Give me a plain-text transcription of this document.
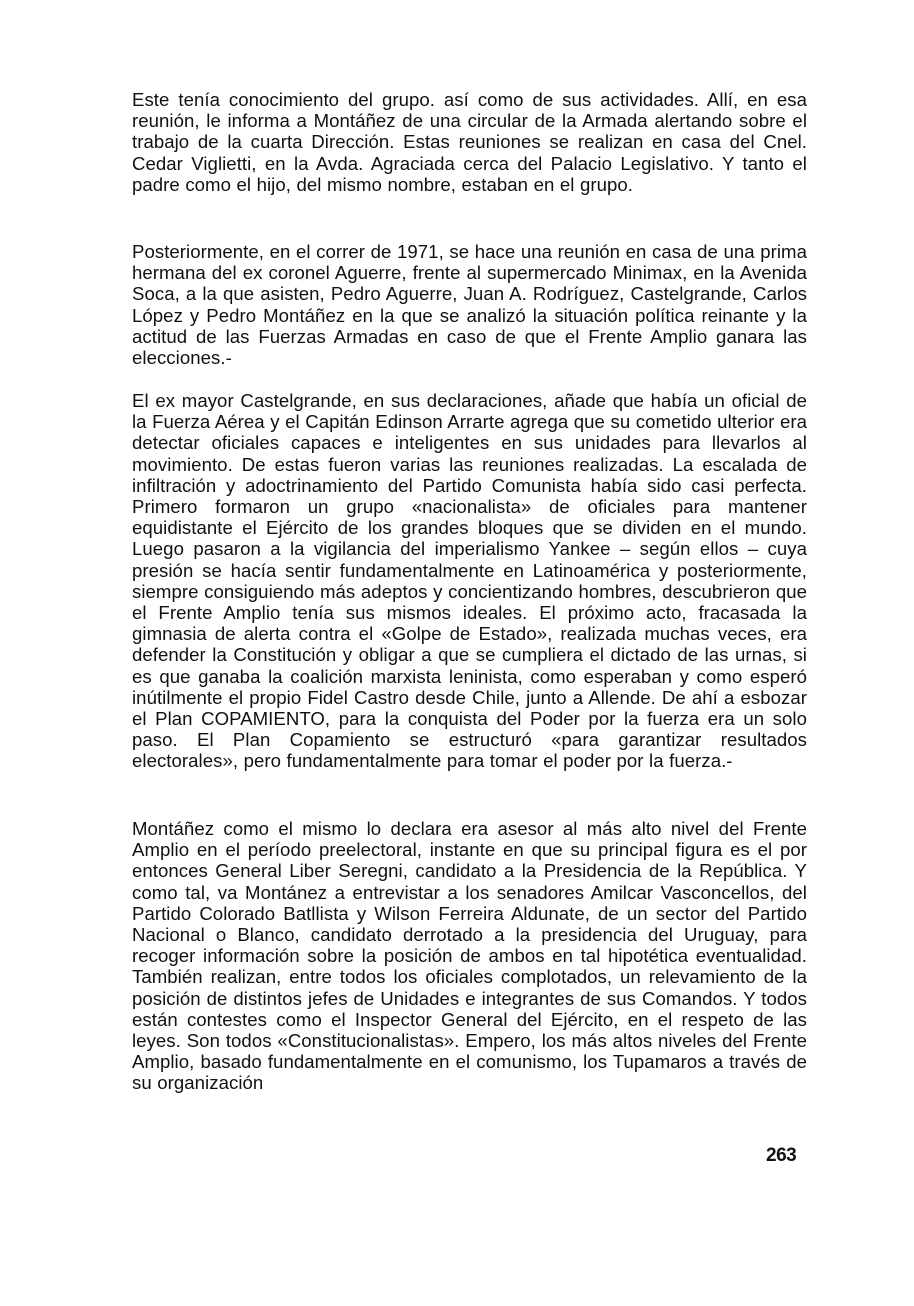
Este tenía conocimiento del grupo. así como de sus actividades. Allí, en esa reunión, le informa a Montáñez de una circular de la Armada alertando sobre el trabajo de la cuarta Dirección. Estas reuniones se realizan en casa del Cnel. Cedar Viglietti, en la Avda. Agraciada cerca del Palacio Legislativo. Y tanto el padre como el hijo, del mismo nombre, estaban en el grupo.

Posteriormente, en el correr de 1971, se hace una reunión en casa de una prima hermana del ex coronel Aguerre, frente al supermercado Minimax, en la Avenida Soca, a la que asisten, Pedro Aguerre, Juan A. Rodríguez, Castelgrande, Carlos López y Pedro Montáñez en la que se analizó la situación política reinante y la actitud de las Fuerzas Armadas en caso de que el Frente Amplio ganara las elecciones.-

El ex mayor Castelgrande, en sus declaraciones, añade que había un oficial de la Fuerza Aérea y el Capitán Edinson Arrarte agrega que su cometido ulterior era detectar oficiales capaces e inteligentes en sus unidades para llevarlos al movimiento. De estas fueron varias las reuniones realizadas. La escalada de infiltración y adoctrinamiento del Partido Comunista había sido casi perfecta. Primero formaron un grupo «nacionalista» de oficiales para mantener equidistante el Ejército de los grandes bloques que se dividen en el mundo. Luego pasaron a la vigilancia del imperialismo Yankee – según ellos – cuya presión se hacía sentir fundamentalmente en Latinoamérica y posteriormente, siempre consiguiendo más adeptos y concientizando hombres, descubrieron que el Frente Amplio tenía sus mismos ideales. El próximo acto, fracasada la gimnasia de alerta contra el «Golpe de Estado», realizada muchas veces, era defender la Constitución y obligar a que se cumpliera el dictado de las urnas, si es que ganaba la coalición marxista leninista, como esperaban y como esperó inútilmente el propio Fidel Castro desde Chile, junto a Allende. De ahí a esbozar el Plan COPAMIENTO, para la conquista del Poder por la fuerza era un solo paso. El Plan Copamiento se estructuró «para garantizar resultados electorales», pero fundamentalmente para tomar el poder por la fuerza.-

Montáñez como el mismo lo declara era asesor al más alto nivel del Frente Amplio en el período preelectoral, instante en que su principal figura es el por entonces General Liber Seregni, candidato a la Presidencia de la República. Y como tal, va Montánez a entrevistar a los senadores Amilcar Vasconcellos, del Partido Colorado Batllista y Wilson Ferreira Aldunate, de un sector del Partido Nacional o Blanco, candidato derrotado a la presidencia del Uruguay, para recoger información sobre la posición de ambos en tal hipotética eventualidad. También realizan, entre todos los oficiales complotados, un relevamiento de la posición de distintos jefes de Unidades e integrantes de sus Comandos. Y todos están contestes como el Inspector General del Ejército, en el respeto de las leyes. Son todos «Constitucionalistas». Empero, los más altos niveles del Frente Amplio, basado fundamentalmente en el comunismo, los Tupamaros a través de su organización

263
